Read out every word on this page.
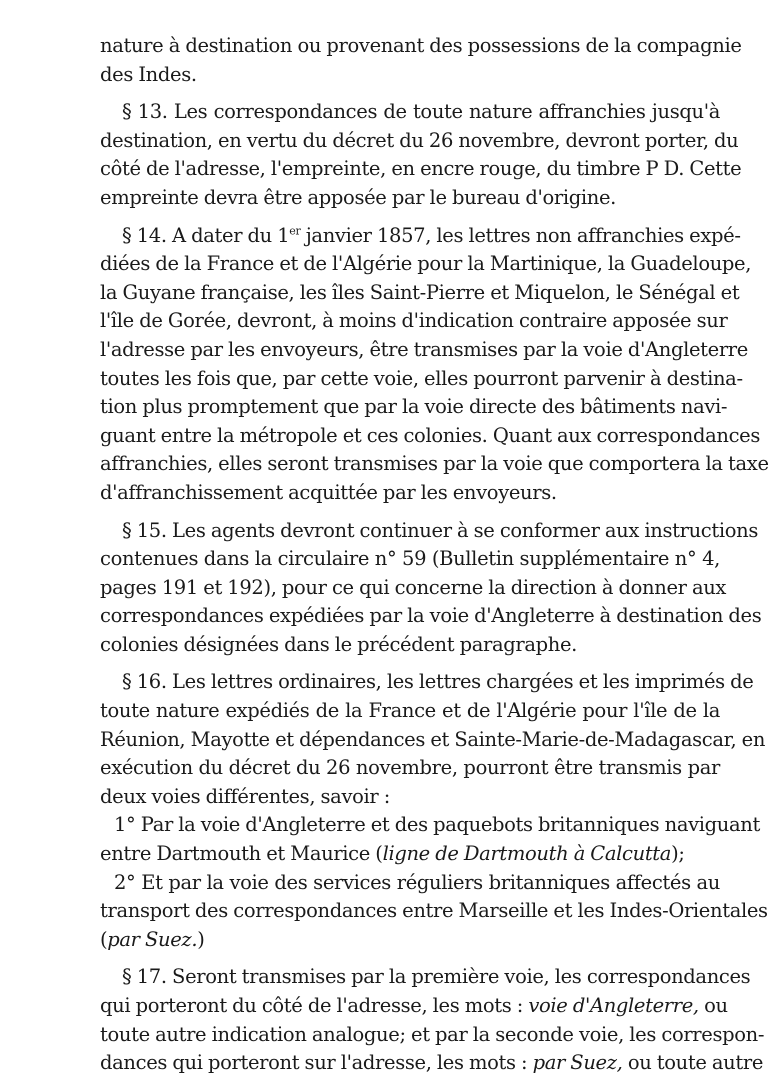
nature à destination ou provenant des possessions de la compagnie
des Indes.

§ 13. Les correspondances de toute nature affranchies jusqu'à
destination, en vertu du décret du 26 novembre, devront porter, du
côté de l'adresse, l'empreinte, en encre rouge, du timbre P D. Cette
empreinte devra être apposée par le bureau d'origine.

§ 14. A dater du 1er janvier 1857, les lettres non affranchies expé-
diées de la France et de l'Algérie pour la Martinique, la Guadeloupe,
la Guyane française, les îles Saint-Pierre et Miquelon, le Sénégal et
l'île de Gorée, devront, à moins d'indication contraire apposée sur
l'adresse par les envoyeurs, être transmises par la voie d'Angleterre
toutes les fois que, par cette voie, elles pourront parvenir à destina-
tion plus promptement que par la voie directe des bâtiments navi-
guant entre la métropole et ces colonies. Quant aux correspondances
affranchies, elles seront transmises par la voie que comportera la taxe
d'affranchissement acquittée par les envoyeurs.

§ 15. Les agents devront continuer à se conformer aux instructions
contenues dans la circulaire n° 59 (Bulletin supplémentaire n° 4,
pages 191 et 192), pour ce qui concerne la direction à donner aux
correspondances expédiées par la voie d'Angleterre à destination des
colonies désignées dans le précédent paragraphe.

§ 16. Les lettres ordinaires, les lettres chargées et les imprimés de
toute nature expédiés de la France et de l'Algérie pour l'île de la
Réunion, Mayotte et dépendances et Sainte-Marie-de-Madagascar, en
exécution du décret du 26 novembre, pourront être transmis par
deux voies différentes, savoir :

1° Par la voie d'Angleterre et des paquebots britanniques naviguant
entre Dartmouth et Maurice (ligne de Dartmouth à Calcutta);

2° Et par la voie des services réguliers britanniques affectés au
transport des correspondances entre Marseille et les Indes-Orientales
(par Suez.)

§ 17. Seront transmises par la première voie, les correspondances
qui porteront du côté de l'adresse, les mots : voie d'Angleterre, ou
toute autre indication analogue; et par la seconde voie, les correspon-
dances qui porteront sur l'adresse, les mots : par Suez, ou toute autre
